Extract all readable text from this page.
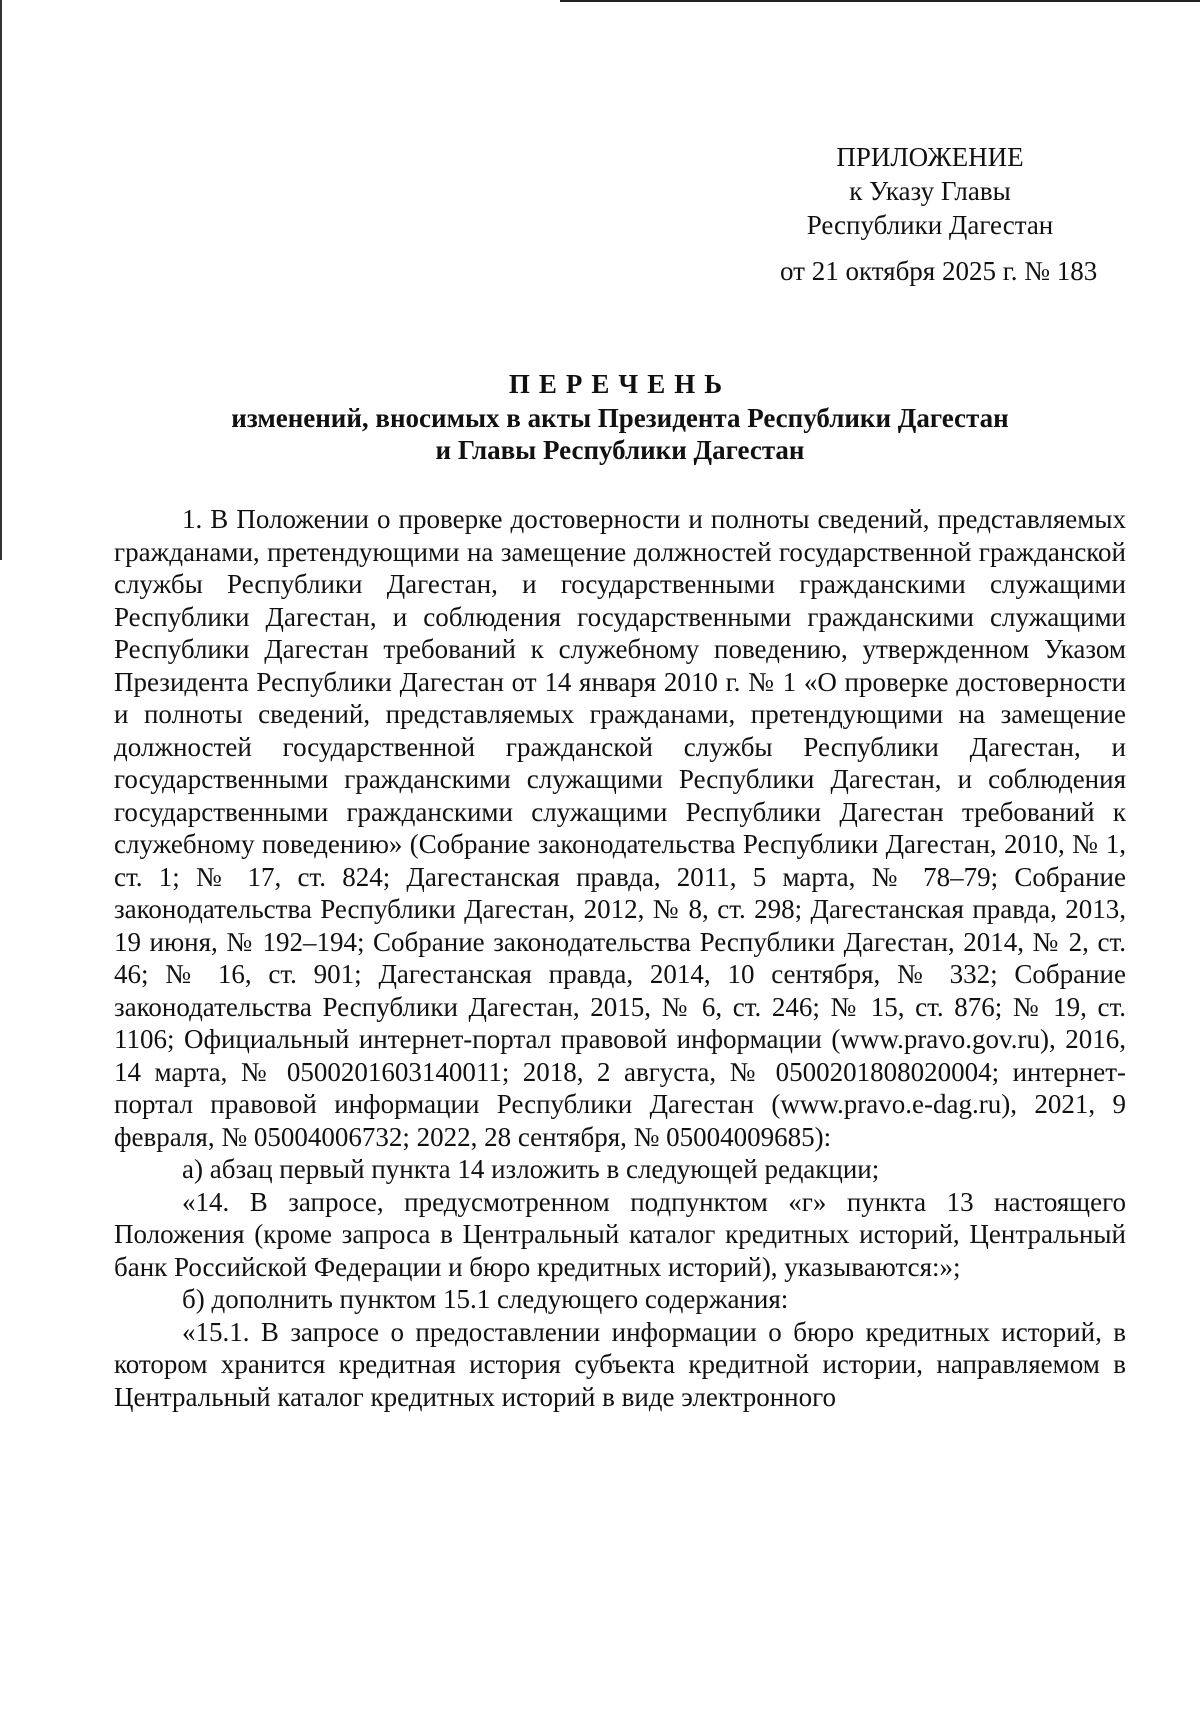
ПРИЛОЖЕНИЕ
к Указу Главы
Республики Дагестан
от 21 октября 2025 г. № 183
ПЕРЕЧЕНЬ
изменений, вносимых в акты Президента Республики Дагестан
и Главы Республики Дагестан

1. В Положении о проверке достоверности и полноты сведений, представляемых гражданами, претендующими на замещение должностей государственной гражданской службы Республики Дагестан, и государственными гражданскими служащими Республики Дагестан, и соблюдения государственными гражданскими служащими Республики Дагестан требований к служебному поведению, утвержденном Указом Президента Республики Дагестан от 14 января 2010 г. № 1 «О проверке достоверности и полноты сведений, представляемых гражданами, претендующими на замещение должностей государственной гражданской службы Республики Дагестан, и государственными гражданскими служащими Республики Дагестан, и соблюдения государственными гражданскими служащими Республики Дагестан требований к служебному поведению» (Собрание законодательства Республики Дагестан, 2010, № 1, ст. 1; № 17, ст. 824; Дагестанская правда, 2011, 5 марта, № 78–79; Собрание законодательства Республики Дагестан, 2012, № 8, ст. 298; Дагестанская правда, 2013, 19 июня, № 192–194; Собрание законодательства Республики Дагестан, 2014, № 2, ст. 46; № 16, ст. 901; Дагестанская правда, 2014, 10 сентября, № 332; Собрание законодательства Республики Дагестан, 2015, № 6, ст. 246; № 15, ст. 876; № 19, ст. 1106; Официальный интернет-портал правовой информации (www.pravo.gov.ru), 2016, 14 марта, № 0500201603140011; 2018, 2 августа, № 0500201808020004; интернет-портал правовой информации Республики Дагестан (www.pravo.e-dag.ru), 2021, 9 февраля, № 05004006732; 2022, 28 сентября, № 05004009685):

а) абзац первый пункта 14 изложить в следующей редакции;

«14. В запросе, предусмотренном подпунктом «г» пункта 13 настоящего Положения (кроме запроса в Центральный каталог кредитных историй, Центральный банк Российской Федерации и бюро кредитных историй), указываются:»;

б) дополнить пунктом 15.1 следующего содержания:

«15.1. В запросе о предоставлении информации о бюро кредитных историй, в котором хранится кредитная история субъекта кредитной истории, направляемом в Центральный каталог кредитных историй в виде электронного
